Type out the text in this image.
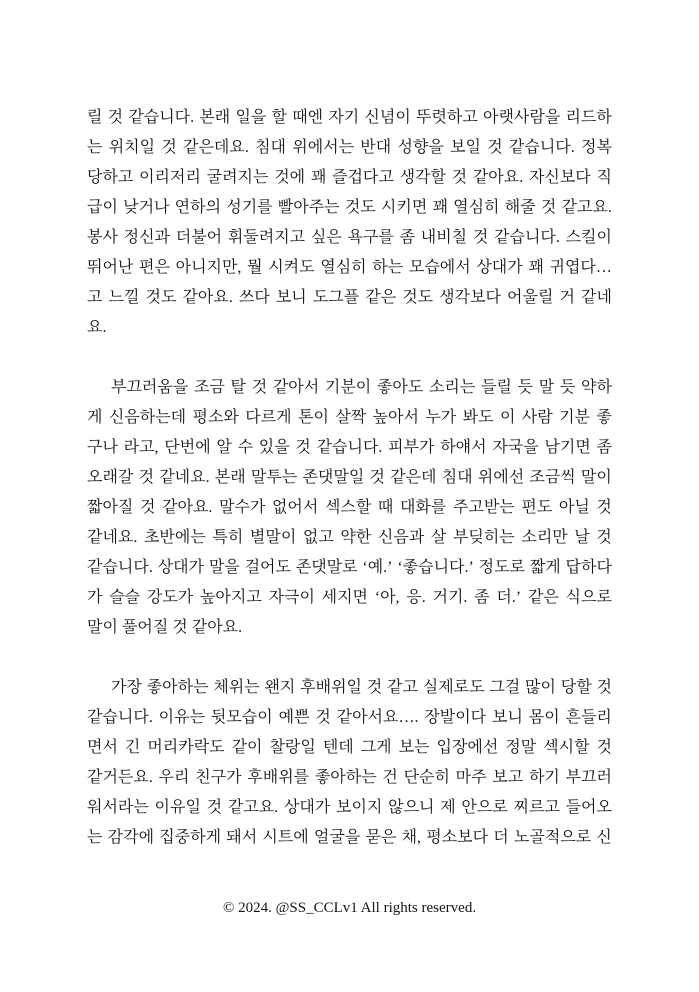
릴 것 같습니다. 본래 일을 할 때엔 자기 신념이 뚜렷하고 아랫사람을 리드하
는 위치일 것 같은데요. 침대 위에서는 반대 성향을 보일 것 같습니다. 정복
당하고 이리저리 굴려지는 것에 꽤 즐겁다고 생각할 것 같아요. 자신보다 직
급이 낮거나 연하의 성기를 빨아주는 것도 시키면 꽤 열심히 해줄 것 같고요.
봉사 정신과 더불어 휘둘려지고 싶은 욕구를 좀 내비칠 것 같습니다. 스킬이
뛰어난 편은 아니지만, 뭘 시켜도 열심히 하는 모습에서 상대가 꽤 귀엽다…
고 느낄 것도 같아요. 쓰다 보니 도그플 같은 것도 생각보다 어울릴 거 같네
요.
부끄러움을 조금 탈 것 같아서 기분이 좋아도 소리는 들릴 듯 말 듯 약하
게 신음하는데 평소와 다르게 톤이 살짝 높아서 누가 봐도 이 사람 기분 좋
구나 라고, 단번에 알 수 있을 것 같습니다. 피부가 하얘서 자국을 남기면 좀
오래갈 것 같네요. 본래 말투는 존댓말일 것 같은데 침대 위에선 조금씩 말이
짧아질 것 같아요. 말수가 없어서 섹스할 때 대화를 주고받는 편도 아닐 것
같네요. 초반에는 특히 별말이 없고 약한 신음과 살 부딪히는 소리만 날 것
같습니다. 상대가 말을 걸어도 존댓말로 ‘예.’ ‘좋습니다.’ 정도로 짧게 답하다
가 슬슬 강도가 높아지고 자극이 세지면 ‘아, 응. 거기. 좀 더.’ 같은 식으로
말이 풀어질 것 같아요.
가장 좋아하는 체위는 왠지 후배위일 것 같고 실제로도 그걸 많이 당할 것
같습니다. 이유는 뒷모습이 예쁜 것 같아서요…. 장발이다 보니 몸이 흔들리
면서 긴 머리카락도 같이 찰랑일 텐데 그게 보는 입장에선 정말 섹시할 것
같거든요. 우리 친구가 후배위를 좋아하는 건 단순히 마주 보고 하기 부끄러
워서라는 이유일 것 같고요. 상대가 보이지 않으니 제 안으로 찌르고 들어오
는 감각에 집중하게 돼서 시트에 얼굴을 묻은 채, 평소보다 더 노골적으로 신
© 2024. @SS_CCLv1 All rights reserved.
